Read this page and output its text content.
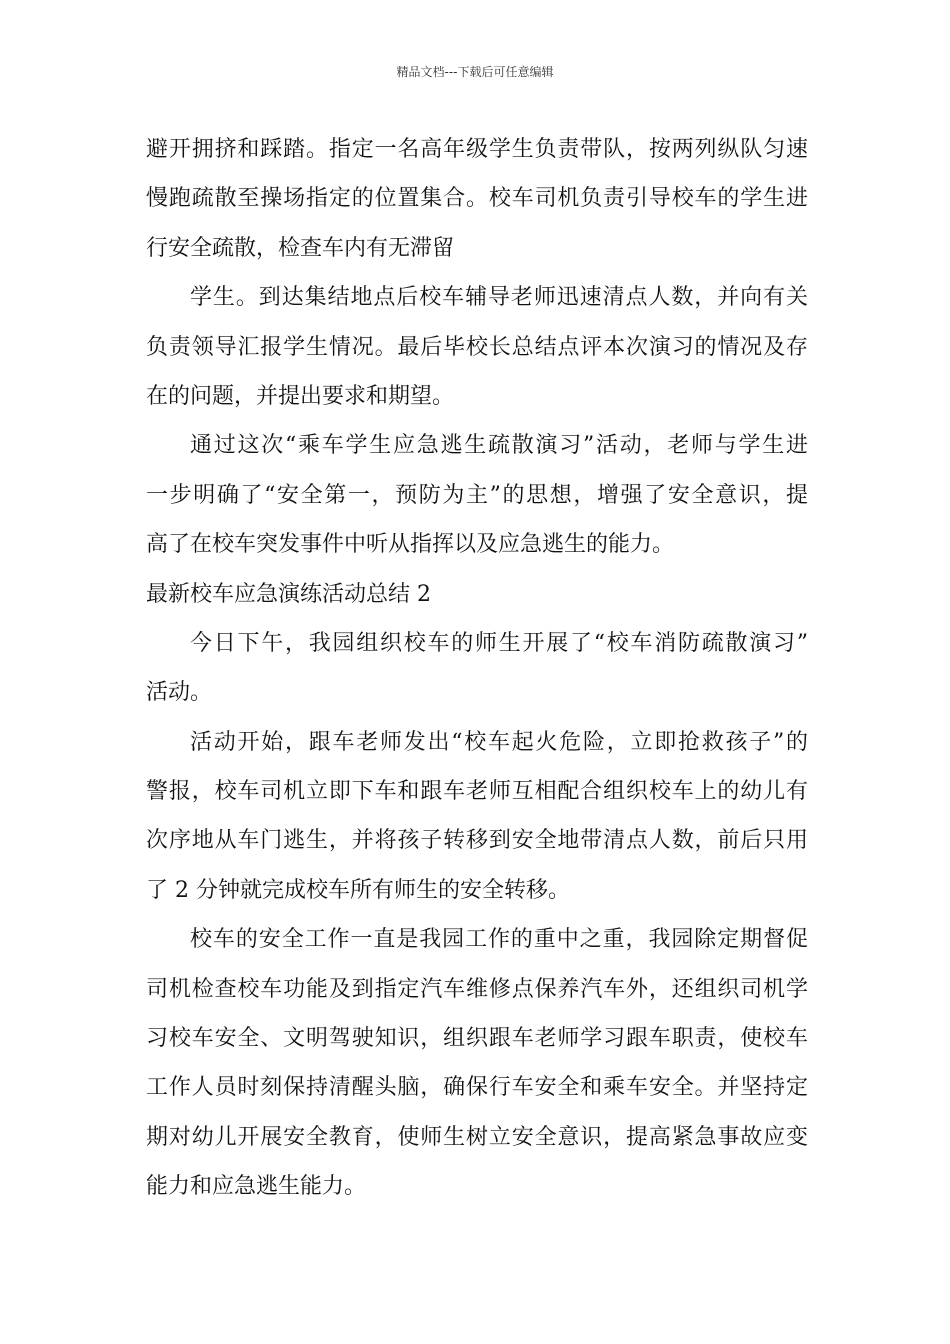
精品文档---下载后可任意编辑
避开拥挤和踩踏。指定一名高年级学生负责带队，按两列纵队匀速
慢跑疏散至操场指定的位置集合。校车司机负责引导校车的学生进
行安全疏散，检查车内有无滞留
学生。到达集结地点后校车辅导老师迅速清点人数，并向有关
负责领导汇报学生情况。最后毕校长总结点评本次演习的情况及存
在的问题，并提出要求和期望。
通过这次“乘车学生应急逃生疏散演习”活动，老师与学生进
一步明确了“安全第一，预防为主”的思想，增强了安全意识，提
高了在校车突发事件中听从指挥以及应急逃生的能力。
最新校车应急演练活动总结 2
今日下午，我园组织校车的师生开展了“校车消防疏散演习”
活动。
活动开始，跟车老师发出“校车起火危险，立即抢救孩子”的
警报，校车司机立即下车和跟车老师互相配合组织校车上的幼儿有
次序地从车门逃生，并将孩子转移到安全地带清点人数，前后只用
了 2 分钟就完成校车所有师生的安全转移。
校车的安全工作一直是我园工作的重中之重，我园除定期督促
司机检查校车功能及到指定汽车维修点保养汽车外，还组织司机学
习校车安全、文明驾驶知识，组织跟车老师学习跟车职责，使校车
工作人员时刻保持清醒头脑，确保行车安全和乘车安全。并坚持定
期对幼儿开展安全教育，使师生树立安全意识，提高紧急事故应变
能力和应急逃生能力。
